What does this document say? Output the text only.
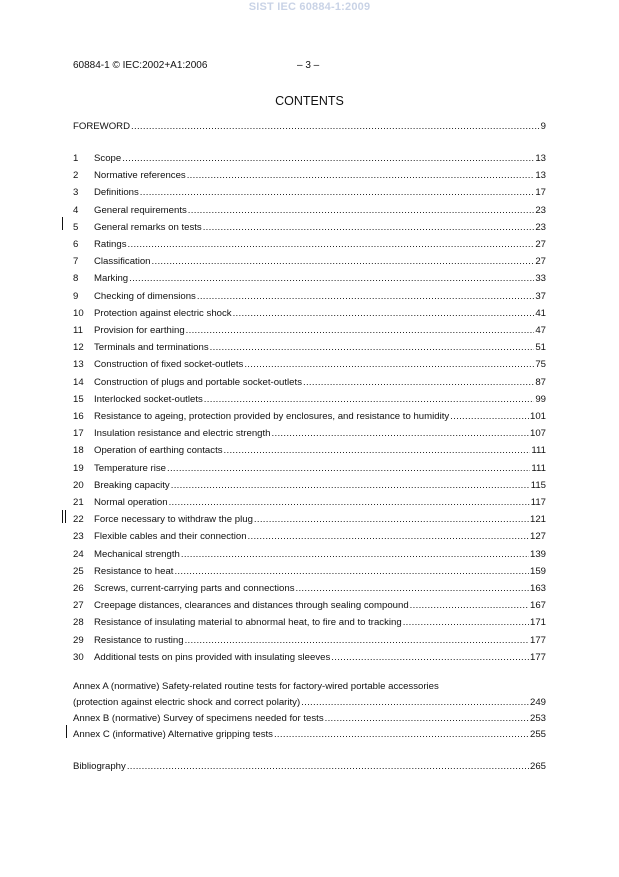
SIST IEC 60884-1:2009
60884-1 © IEC:2002+A1:2006	– 3 –
CONTENTS
FOREWORD .....	9
1	Scope .....	13
2	Normative references .....	13
3	Definitions .....	17
4	General requirements .....	23
5	General remarks on tests .....	23
6	Ratings .....	27
7	Classification .....	27
8	Marking .....	33
9	Checking of dimensions .....	37
10	Protection against electric shock .....	41
11	Provision for earthing .....	47
12	Terminals and terminations .....	51
13	Construction of fixed socket-outlets .....	75
14	Construction of plugs and portable socket-outlets .....	87
15	Interlocked socket-outlets .....	99
16	Resistance to ageing, protection provided by enclosures, and resistance to humidity .....	101
17	Insulation resistance and electric strength .....	107
18	Operation of earthing contacts .....	111
19	Temperature rise .....	111
20	Breaking capacity .....	115
21	Normal operation .....	117
22	Force necessary to withdraw the plug .....	121
23	Flexible cables and their connection .....	127
24	Mechanical strength .....	139
25	Resistance to heat .....	159
26	Screws, current-carrying parts and connections .....	163
27	Creepage distances, clearances and distances through sealing compound .....	167
28	Resistance of insulating material to abnormal heat, to fire and to tracking .....	171
29	Resistance to rusting .....	177
30	Additional tests on pins provided with insulating sleeves .....	177
Annex A (normative) Safety-related routine tests for factory-wired portable accessories
(protection against electric shock and correct polarity) .....	249
Annex B (normative) Survey of specimens needed for tests .....	253
Annex C (informative) Alternative gripping tests .....	255
Bibliography .....	265
